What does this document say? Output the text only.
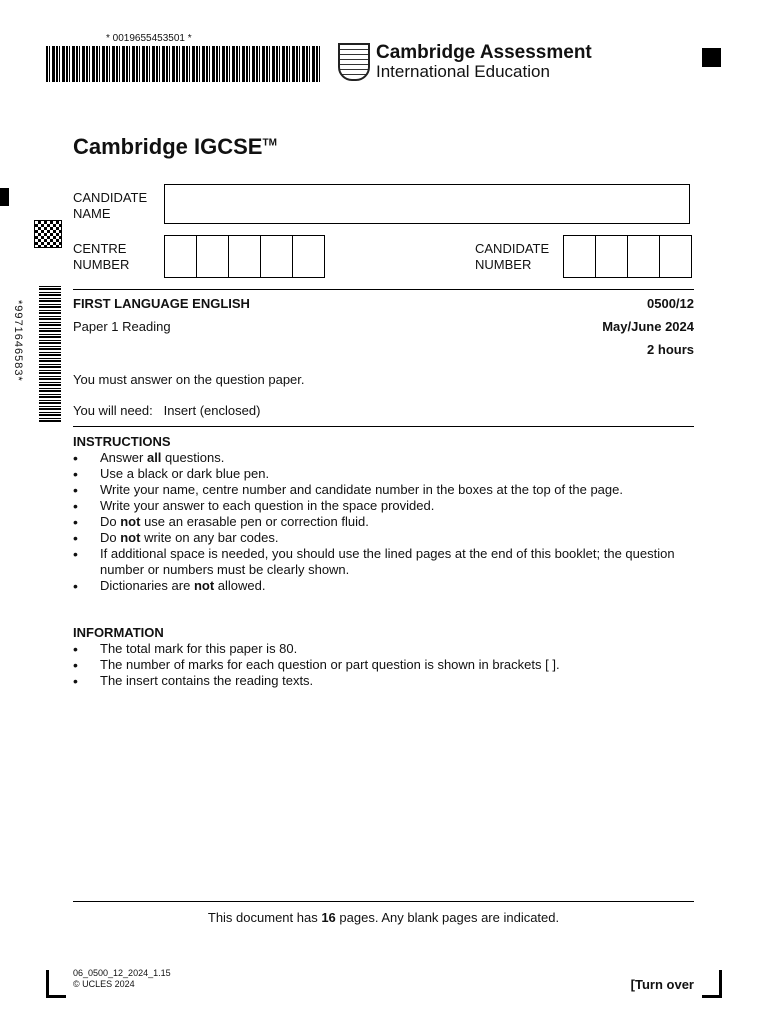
* 0019655453501 *
Cambridge Assessment
International Education
*9971646583*
Cambridge IGCSE™
CANDIDATE
NAME
CENTRE
NUMBER
CANDIDATE
NUMBER
FIRST LANGUAGE ENGLISH	0500/12
Paper 1 Reading	May/June 2024
2 hours
You must answer on the question paper.
You will need: Insert (enclosed)
INSTRUCTIONS
• Answer all questions.
• Use a black or dark blue pen.
• Write your name, centre number and candidate number in the boxes at the top of the page.
• Write your answer to each question in the space provided.
• Do not use an erasable pen or correction fluid.
• Do not write on any bar codes.
• If additional space is needed, you should use the lined pages at the end of this booklet; the question number or numbers must be clearly shown.
• Dictionaries are not allowed.
INFORMATION
• The total mark for this paper is 80.
• The number of marks for each question or part question is shown in brackets [ ].
• The insert contains the reading texts.
This document has 16 pages. Any blank pages are indicated.
06_0500_12_2024_1.15
© UCLES 2024	[Turn over
